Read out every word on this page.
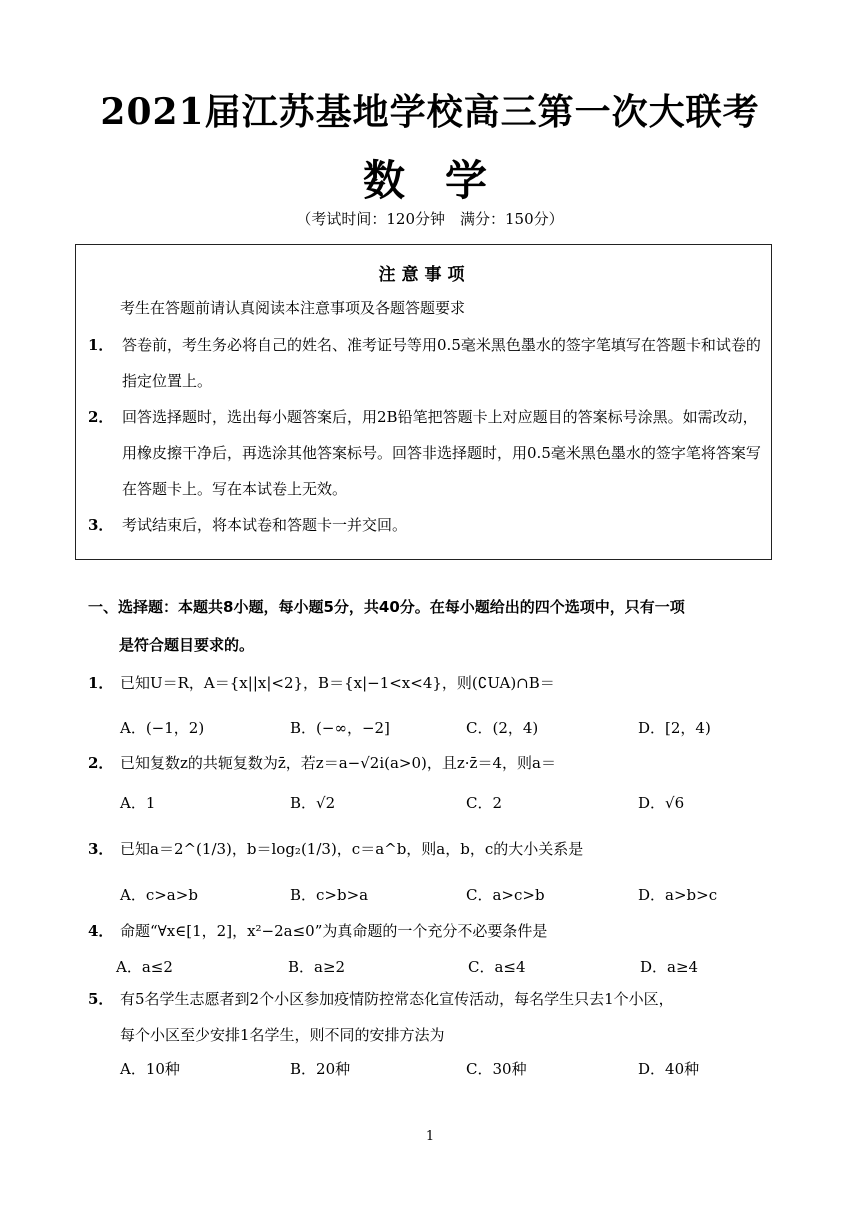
2021届江苏基地学校高三第一次大联考
数学
（考试时间：120分钟　满分：150分）
注意事项
考生在答题前请认真阅读本注意事项及各题答题要求
1． 答卷前，考生务必将自己的姓名、准考证号等用0.5毫米黑色墨水的签字笔填写在答题卡和试卷的指定位置上。
2． 回答选择题时，选出每小题答案后，用2B铅笔把答题卡上对应题目的答案标号涂黑。如需改动，用橡皮擦干净后，再选涂其他答案标号。回答非选择题时，用0.5毫米黑色墨水的签字笔将答案写在答题卡上。写在本试卷上无效。
3． 考试结束后，将本试卷和答题卡一并交回。
一、选择题：本题共8小题，每小题5分，共40分。在每小题给出的四个选项中，只有一项
是符合题目要求的。
1． 已知U＝R，A＝{x||x|<2}，B＝{x|−1<x<4}，则(∁UA)∩B＝
A．(−1，2)	B．(−∞，−2]	C．(2，4)	D．[2，4)
2． 已知复数z的共轭复数为z̄，若z＝a−√2i(a>0)，且z·z̄＝4，则a＝
A．1	B．√2	C．2	D．√6
3． 已知a＝2^(1/3)，b＝log₂(1/3)，c＝a^b，则a，b，c的大小关系是
A．c>a>b	B．c>b>a	C．a>c>b	D．a>b>c
4． 命题“∀x∈[1，2]，x²−2a≤0”为真命题的一个充分不必要条件是
A．a≤2	B．a≥2	C．a≤4	D．a≥4
5． 有5名学生志愿者到2个小区参加疫情防控常态化宣传活动，每名学生只去1个小区，
每个小区至少安排1名学生，则不同的安排方法为
A．10种	B．20种	C．30种	D．40种
1
